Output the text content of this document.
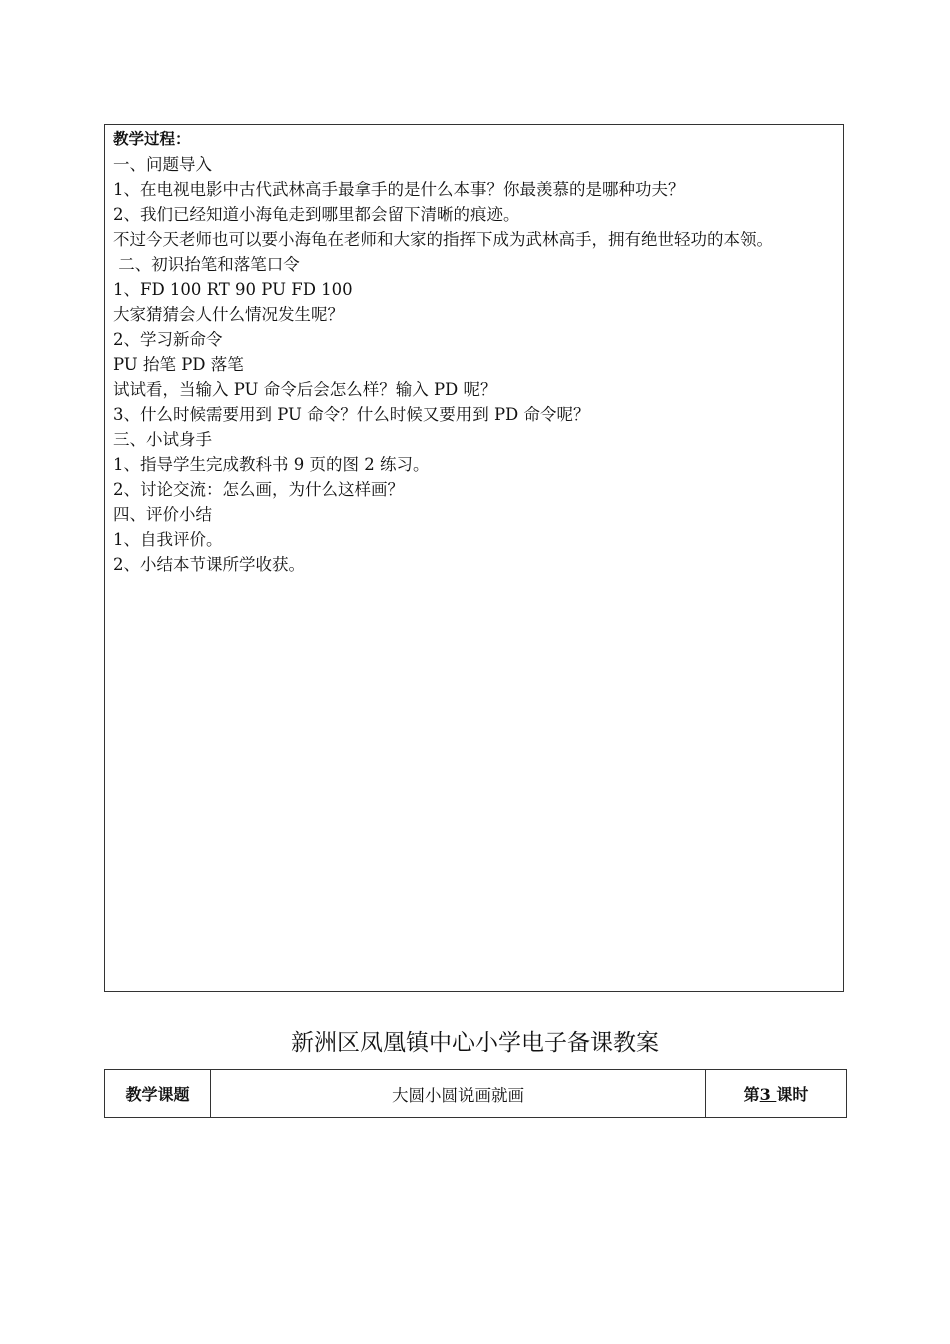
教学过程：
一、问题导入
1、在电视电影中古代武林高手最拿手的是什么本事？你最羡慕的是哪种功夫？
2、我们已经知道小海龟走到哪里都会留下清晰的痕迹。
不过今天老师也可以要小海龟在老师和大家的指挥下成为武林高手，拥有绝世轻功的本领。
二、初识抬笔和落笔口令
1、FD 100 RT 90 PU FD 100
大家猜猜会人什么情况发生呢？
2、学习新命令
PU 抬笔 PD 落笔
试试看，当输入 PU 命令后会怎么样？输入 PD 呢？
3、什么时候需要用到 PU 命令？什么时候又要用到 PD 命令呢？
三、小试身手
1、指导学生完成教科书 9 页的图 2 练习。
2、讨论交流：怎么画，为什么这样画？
四、评价小结
1、自我评价。
2、小结本节课所学收获。
新洲区凤凰镇中心小学电子备课教案
教学课题	大圆小圆说画就画	第3 课时
